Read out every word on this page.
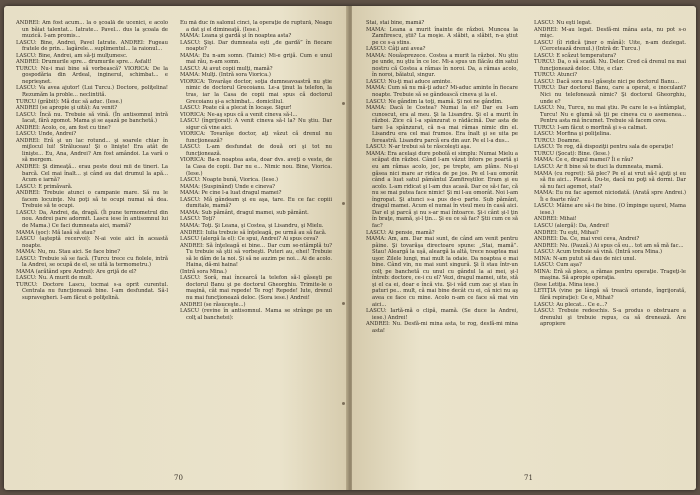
ANDREI: Am fost acum... la o şcoală de ucenici, e acolo un băiat talentat... Iatrate... Pavel... dus la şcoala de muzică. I-am promis...

LASCU: Bine, Andrei, Pavel Iatrate. ANDREI: Fugeau fratele de prin... lagărele... suplimentul... la raionul...

LASCU: Bine, Andrei, am să-ţi mulţumesc.

ANDREI: Drumurile spre... drumurile spre... Asfalt!

TURCU: Nu-i mai bine să vorbească? VIORICA: De la gospodăria din Ardeal, inginerul, schimbat... e neprieşnet.

LASCU: Va avea ajutor! (Lui Turcu.) Doctore, poliţelina! Rezumăm la proble... neclintită.

TURCU (grăbit): Mă duc să aduc. (Iese.)

ANDREI (se apropie şi uită): Au venit?

LASCU: Încă nu. Trebuie să vină. (În antisomnul intră Iacat, fără zgomot. Mama şi se aşază pe banchetă.)

ANDREI: Acolo, ce, am fost cu tine?

LASCU: Unde, Andrei?

ANDREI: Eră şi un lac rotund... şi soarele chiar în mijlocul lui! Străluceau! Şi o linişte! Era atât de linişte... Eu, Ana, Andrei? Am fost amândoi. La vară o să mergem.

ANDREI: Şi dimeaţă... erau peste doui mii de tineri. La barcă. Cel mai înalt... şi când au dat drumul la apă... Acum e iarnă?

LASCU: E primăvară.

ANDREI: Trebuie atunci o campanie mare. Să nu le facem locuinţe. Nu poţi să te ocupi numai să dea. Trebuie să te ocupi.

LASCU: Da, Andrei, da, dragă. (Îi pune termometrul din nou. Andrei pare adormit. Lascu iese în antisomnul lui de Mama.) Ce faci dumneata aici, mamă?

MAMA (şoc): Mă lasă să stau?

LASCU (aşteptă recervoi): N-ai voie aici în această noapte.

MAMA: Nu, nu. Stau aici. Se face bine?

LASCU: Trebuie să se facă. (Turcu trece cu fiolele, intră la Andrei, se ocupă de el, se uită la termometru.)

MAMA (arătând spre Andrei): Are grijă de el?

LASCU: Nu. A murit de mult.

TURCU: Doctore Lascu, tocmai s-a oprit curentul. Centrala nu funcţionează bine. I-am desfundat. Să-l supravegheri. I-am făcut o poliţelină.

Eu mă duc în salonul cinci, la operaţie de ruptură, Neagu a dat şi el dimineaţă. (Iese.)

MAMA: Leana şi gardă şi în noaptea asta?

LASCU: Şişi. Dar dumneata eşti „de gardă” în fiecare noapte?

MAMA: Eu n-am somn. (Tainic) Mi-e grijă. Cum e unul mai rău, n-am somn.

LASCU: Ai avut copii mulţi, mamă?

MAMA: Mulţi. (Intră sora Viorica.)

VIORICA: Tovarăşe doctor, soţia dumneavoastră nu ştie nimic de doctorul Grecoianu. Le-a ţinut la telefon, la tras, iar la Casa de copii mai spus că doctorul Grecoianu şi-a schimbat... domiciliul.

LASCU: Poate că a plecat în locaşe. Sigur!

VIORICA: Ne-aş spus că a venit cineva să-l...

LASCU (îngrijorat): A venit cineva să-l la? Nu ştiu. Dar sigur că vine aici.

VIORICA: Tovarăşe doctor, aţi văzut că drenul nu funcţionează?

LASCU: L-am desfundat de două ori şi tot nu funcţionează.

VIORICA: Ba-n noaptea asta, doar dvs. aveţi o veste, de la Casa de copii. Dar nu e... Nimic nou. Bine, Viorica. (Iese.)

LASCU: Noapte bună, Viorica. (Iese.)

MAMA: (Suspinând) Unde e cineva?

MAMA: Pe cine l-a luat dragul mamei?

LASCU: Mă gândeam şi eu aşa, tare. Eu ce fac copiii dumitale, mamă?

MAMA: Sub pământ, dragul mamei, sub pământ.

LASCU: Toţi?

MAMA: Toţi. Şi Leana, şi Costea, şi Lisandru, şi Mielu.

ANDREI: Iulia trebuie să înţeleagă, pe urmă au să facă.

LASCU (alergă la el): Ce spui, Andrei? Ai spus ceva?

ANDREI: Să înţeleagă ei bine... Dar cum se-ntâmplă tu? Tu trebuie să ştii să vorbeşti. Puteri au, ehei! Trebuie să le dăm de la noi. Şi să ne auzim pe noi... Ai de acolo. Haina, dă-mi haina!

(Intră sora Mina.)

LASCU: Soră, mai încearcă la telefon să-l găseşti pe doctorul Banu şi pe doctorul Gheorghiu. Trimite-le o maşină, cât mai repede! Te rog! Repede! Iute, drenul nu mai funcţionează deloc. (Sora iese.) Andrei!

ANDREI (se răsuceşte...)

LASCU (revine în antisomnul. Mama se strânge pe un colţ al banchetei):

70

Stai, stai bine, mamă?

MAMA: Leana a murit înainte de război. Muncea la Zamfirescu, ştii? La moşie. A slăbit, a slăbit, n-a ştiut pe ce s-a stins.

LASCU: Câţi ani avea?

MAMA: Nouăsprezece. Costea a murit la război. Nu ştiu pe unde, nu ştiu în ce loc. Mi-a spus un flăcău din satul nostru că Costea a rămas în noroi. Da, a rămas acolo, în noroi, băiatul, singur.

LASCU: Nu-ţi mai aduce aminte.

MAMA: Cum să nu mă-ţi aduc? Mi-aduc aminte în fiecare noapte. Trebuie să se gândească cineva şi la el.

LASCU: Ne gândim la toţi, mamă. Şi noi ne gândim.

MAMA: Dacă le Costea? Numai la ei? Dar eu l-am cunoscut, era al meu. Şi la Lisandru. Şi el a murit în război. Zice că l-a spânzurat o rădăcină. Dar asta de tare l-a spânzurat, că n-a mai rămas nimic din el. Lisandru era cel mai frumos. Era înalt şi se uita pe fereastră. Lisandru parcă era din aur. Pe el l-a dus...

LASCU: N-ar trebui să te răscoleşti aşa.

MAMA: Era acelaşi dure pobolă ei simplu: Numai Mielu a scăpat din război. Când l-am văzut întors pe poartă şi eu am rămas acolo, joc, pe trepte, am plâns. Nu-şi găsea nici mare ar ridica de pe jos. Pe el l-au omorât când a luat satul pământul Zamfireştilor. Eram şi eu acolo. L-am ridicat şi l-am dus acasă. Dar ce să-i fac, că nu se mai putea face nimic! Şi mi l-au omorât. Noi l-am îngropat. Şi atunci s-a pus de-o parte. Sub pământ, dragul mamei. Acum el numai în visul meu în casă aici. Dar el şi parcă şi nu s-ar mai întoarce. Şi-i cânt şi-l ţin în braţe, mamă, şi-l ţin... Şi eu ce să fac? Ştii cum ce să fac?

LASCU: Ai pensie, mamă?

MAMA: Am, am. Dar mai sunt, de când am venit pentru pâine. Şi tovarăşa directoare spune: „Stai, mamă”. Stau! Aleargă la uşă, aleargă la altă, trece noaptea mai uşor. Zilele lungi, mai mult la odaie. Da noaptea e mai bine. Când vin, nu mai sunt singură. Şi îi stau într-un colţ pe banchetă cu unul cu gândul la ai mei, şi-l întreb: doctore, ce-i cu el? Vezi, dragul mamei, uite, stă şi el ca ei, doar e încă viu. Şi-i văd cum zac şi stau în paturi pe... mult, că mai bine decât cu ei, că nici nu aş avea ce face cu mine. Acolo n-am ce face să mai vin aici...

LASCU: Iartă-mă o clipă, mamă. (Se duce la Andrei, iese.) Andrei!

ANDREI: Nu. Desfă-mi mina asta, te rog, desfă-mi mina asta!

LASCU: Nu eşti legat.

ANDREI: M-au legat. Desfă-mi mâna asta, nu pot s-o mişc.

LASCU (îl ridică ţiner o mână): Uite, n-am dezlegat. (Cercetează drenul.) (Intră dr. Turcu.)

LASCU: E scăzut temperatura?

TURCU: Da, o să scadă. Nu. Delor. Cred că drenul nu mai funcţionează deloc. Uite, e clar.

TURCU: Atunci?

LASCU: Dacă sora nu-l găseşte nici pe doctorul Banu...

TURCU: Dar doctorul Banu, care a operat, e inoculant? Nici nu telefonează nimic? Şi doctorul Gheorghiu, unde e?

LASCU: Nu, Turcu, nu mai ştiu. Pe care le s-a întâmplat, Turcu! Nu e glumă să ţii pe cineva cu o asemenea... Pentru asta mă încumet. Trebuie să facem ceva.

TURCU: I-am făcut o morfină şi s-a calmat.

LASCU: Morfina şi poliţelina.

TURCU: Doamne.

LASCU: Te rog, dă dispoziţii pentru sala de operaţie!

TURCU (Şocat): Bine. (Iese.)

MAMA: Ce e, dragul mamei? Îi e rău?

LASCU: Ar fi bine să te duci la dumneata, mamă.

MAMA (cu regret): Să plec? Pe el ai vrut să-l ajuţi şi eu să fiu aici... Pleacă. Du-te, dacă nu poţi să dormi. Dar să nu faci agemot, stai?

MAMA: Eu nu fac agemot niciodată. (Arată spre Andrei.) Îi e foarte rău?

LASCU: Mâine are să-i fie bine. (O împinge uşurel, Mama iese.)

ANDREI: Mihai!

LASCU (alergă): Da, Andrei!

ANDREI: Tu eşti, Mihai?

ANDREI: Da. Ce, mai vrei ceva, Andrei?

ANDREI: Nu. (Pauză.) Ai spus că eu... tot am să mă fac...

LASCU: Acum trebuie să vină. (Intră sora Mina.)

MINA: N-am putut să dau de nici unul.

LASCU: Cum aşa?

MINA: Eră să plece, a rămas pentru operaţie. Trageţi-le maşina. Să apropie operaţia.

(Iese Letiţia. Mina iese.)

LETIŢIA (vine pe lângă să treacă oriunde, îngrijorată, fără repiraţie): Ce e, Mihai?

LASCU: Au plecat... Ce e...?

LASCU: Trebuie redeschis. S-a produs o obstruare a drenului şi trebuie repus, ca să drenează. Are apropiere

71
